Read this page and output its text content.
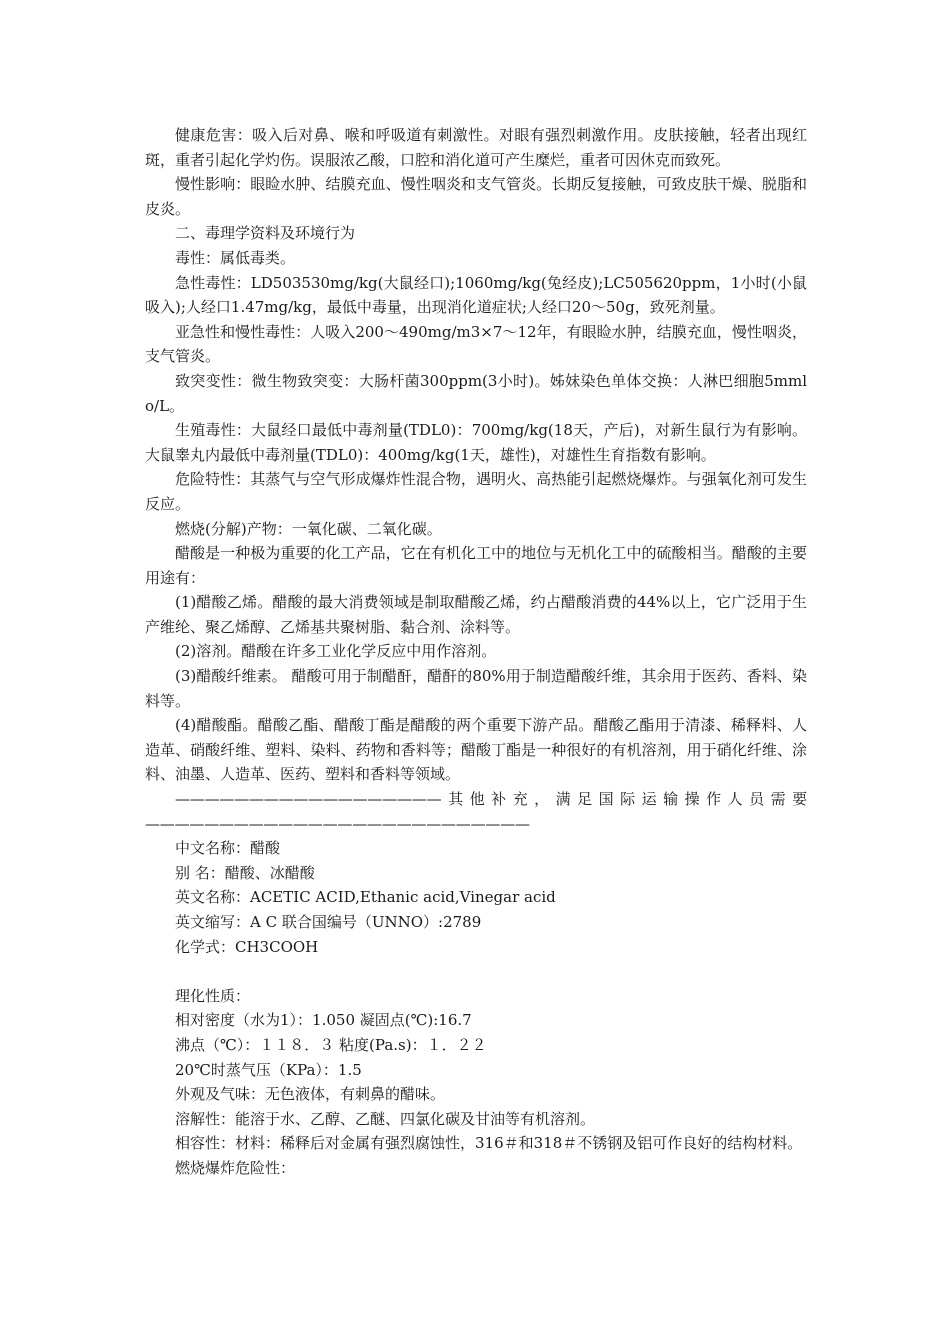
健康危害：吸入后对鼻、喉和呼吸道有刺激性。对眼有强烈刺激作用。皮肤接触，轻者出现红斑，重者引起化学灼伤。误服浓乙酸，口腔和消化道可产生糜烂，重者可因休克而致死。

慢性影响：眼睑水肿、结膜充血、慢性咽炎和支气管炎。长期反复接触，可致皮肤干燥、脱脂和皮炎。

二、毒理学资料及环境行为

毒性：属低毒类。

急性毒性：LD503530mg/kg(大鼠经口);1060mg/kg(兔经皮);LC505620ppm，1小时(小鼠吸入);人经口1.47mg/kg，最低中毒量，出现消化道症状;人经口20～50g，致死剂量。

亚急性和慢性毒性：人吸入200～490mg/m3×7～12年，有眼睑水肿，结膜充血，慢性咽炎，支气管炎。

致突变性：微生物致突变：大肠杆菌300ppm(3小时)。姊妹染色单体交换：人淋巴细胞5mmlo/L。

生殖毒性：大鼠经口最低中毒剂量(TDL0)：700mg/kg(18天，产后)，对新生鼠行为有影响。大鼠睾丸内最低中毒剂量(TDL0)：400mg/kg(1天，雄性)，对雄性生育指数有影响。

危险特性：其蒸气与空气形成爆炸性混合物，遇明火、高热能引起燃烧爆炸。与强氧化剂可发生反应。

燃烧(分解)产物：一氧化碳、二氧化碳。

醋酸是一种极为重要的化工产品，它在有机化工中的地位与无机化工中的硫酸相当。醋酸的主要用途有：

(1)醋酸乙烯。醋酸的最大消费领域是制取醋酸乙烯，约占醋酸消费的44%以上，它广泛用于生产维纶、聚乙烯醇、乙烯基共聚树脂、黏合剂、涂料等。

(2)溶剂。醋酸在许多工业化学反应中用作溶剂。

(3)醋酸纤维素。 醋酸可用于制醋酐，醋酐的80%用于制造醋酸纤维，其余用于医药、香料、染料等。

(4)醋酸酯。醋酸乙酯、醋酸丁酯是醋酸的两个重要下游产品。醋酸乙酯用于清漆、稀释料、人造革、硝酸纤维、塑料、染料、药物和香料等；醋酸丁酯是一种很好的有机溶剂，用于硝化纤维、涂料、油墨、人造革、医药、塑料和香料等领域。

——————————————————其他补充，满足国际运输操作人员需要——————————————————————————

中文名称：醋酸

别 名：醋酸、冰醋酸

英文名称：ACETIC ACID,Ethanic acid,Vinegar acid

英文缩写：A C 联合国编号（UNNO）:2789

化学式：CH3COOH

理化性质：

相对密度（水为1）：1.050 凝固点(℃):16.7

沸点（℃）：１１８．３ 粘度(Pa.s)：１．２２

20℃时蒸气压（KPa）：1.5

外观及气味：无色液体，有刺鼻的醋味。

溶解性：能溶于水、乙醇、乙醚、四氯化碳及甘油等有机溶剂。

相容性：材料：稀释后对金属有强烈腐蚀性，316＃和318＃不锈钢及铝可作良好的结构材料。

燃烧爆炸危险性：
